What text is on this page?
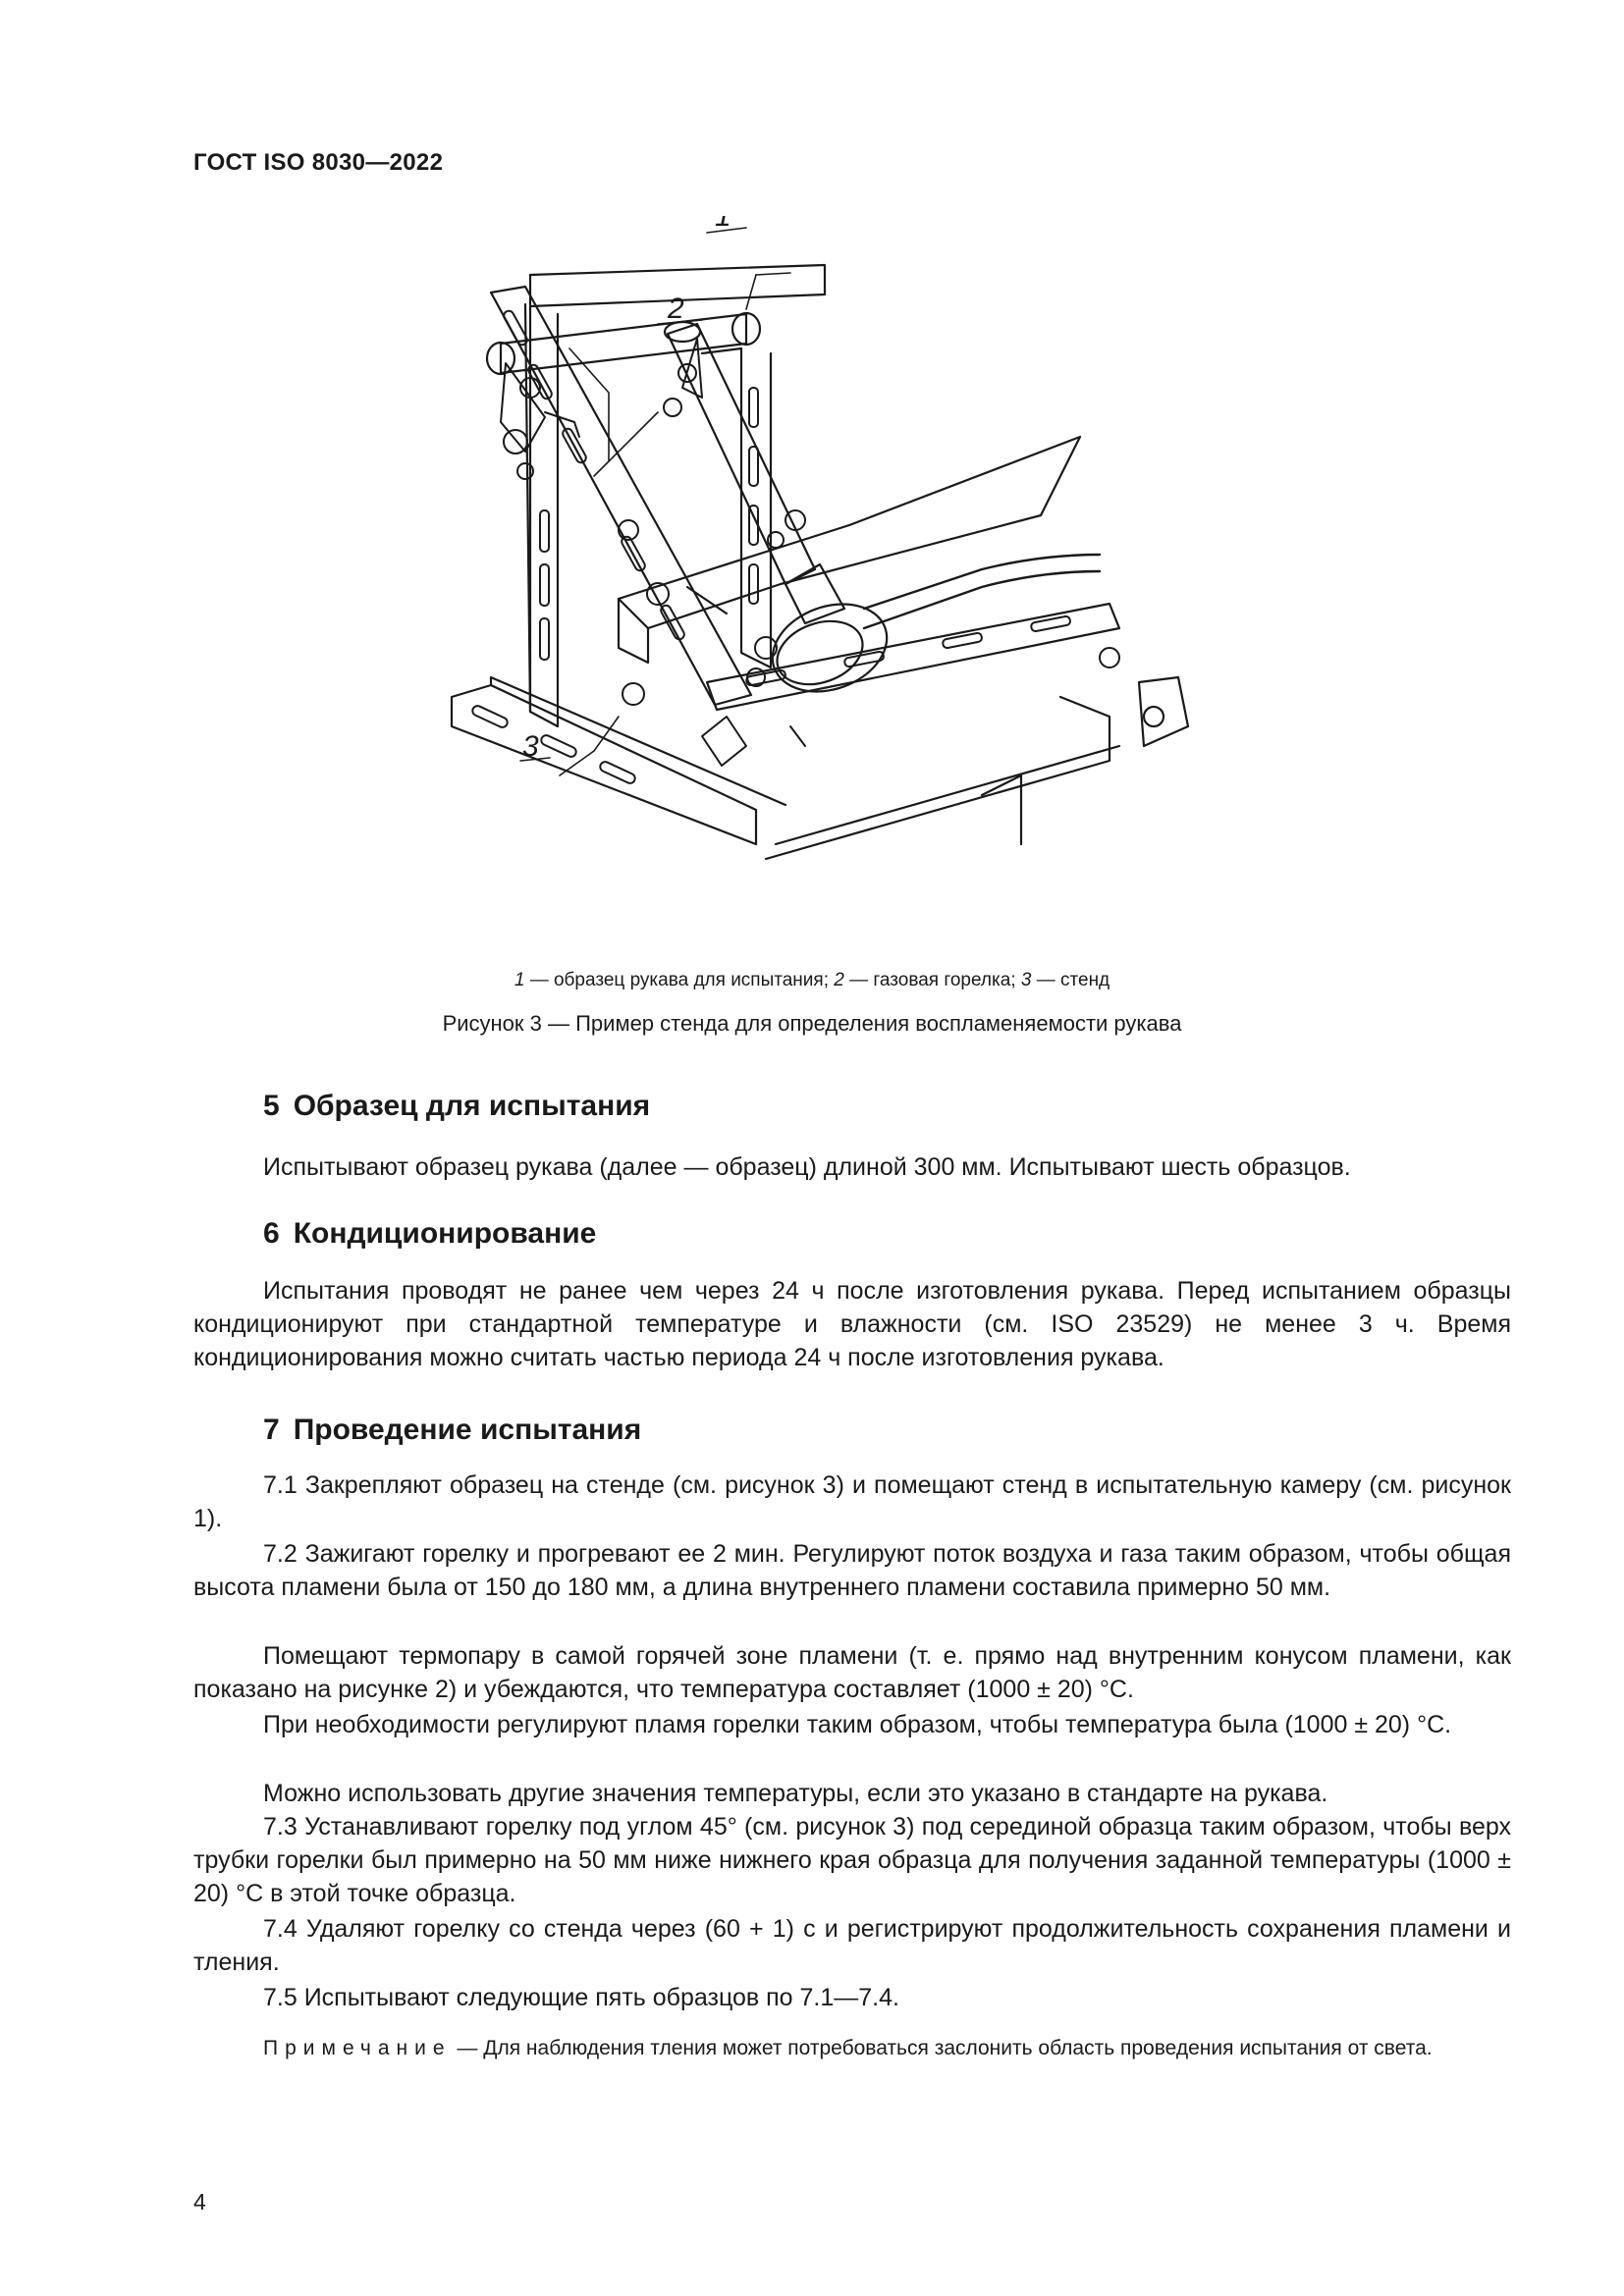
ГОСТ ISO 8030—2022
1
2
3
1 — образец рукава для испытания; 2 — газовая горелка; 3 — стенд
Рисунок 3 — Пример стенда для определения воспламеняемости рукава
5 Образец для испытания

Испытывают образец рукава (далее — образец) длиной 300 мм. Испытывают шесть образцов.

6 Кондиционирование

Испытания проводят не ранее чем через 24 ч после изготовления рукава. Перед испытанием образцы кондиционируют при стандартной температуре и влажности (см. ISO 23529) не менее 3 ч. Время кондиционирования можно считать частью периода 24 ч после изготовления рукава.

7 Проведение испытания

7.1 Закрепляют образец на стенде (см. рисунок 3) и помещают стенд в испытательную камеру (см. рисунок 1).

7.2 Зажигают горелку и прогревают ее 2 мин. Регулируют поток воздуха и газа таким образом, чтобы общая высота пламени была от 150 до 180 мм, а длина внутреннего пламени составила примерно 50 мм.

Помещают термопару в самой горячей зоне пламени (т. е. прямо над внутренним конусом пламени, как показано на рисунке 2) и убеждаются, что температура составляет (1000 ± 20) °С.

При необходимости регулируют пламя горелки таким образом, чтобы температура была (1000 ± 20) °С.

Можно использовать другие значения температуры, если это указано в стандарте на рукава.

7.3 Устанавливают горелку под углом 45° (см. рисунок 3) под серединой образца таким образом, чтобы верх трубки горелки был примерно на 50 мм ниже нижнего края образца для получения заданной температуры (1000 ± 20) °С в этой точке образца.

7.4 Удаляют горелку со стенда через (60 + 1) с и регистрируют продолжительность сохранения пламени и тления.

7.5 Испытывают следующие пять образцов по 7.1—7.4.

Примечание — Для наблюдения тления может потребоваться заслонить область проведения испытания от света.

4
